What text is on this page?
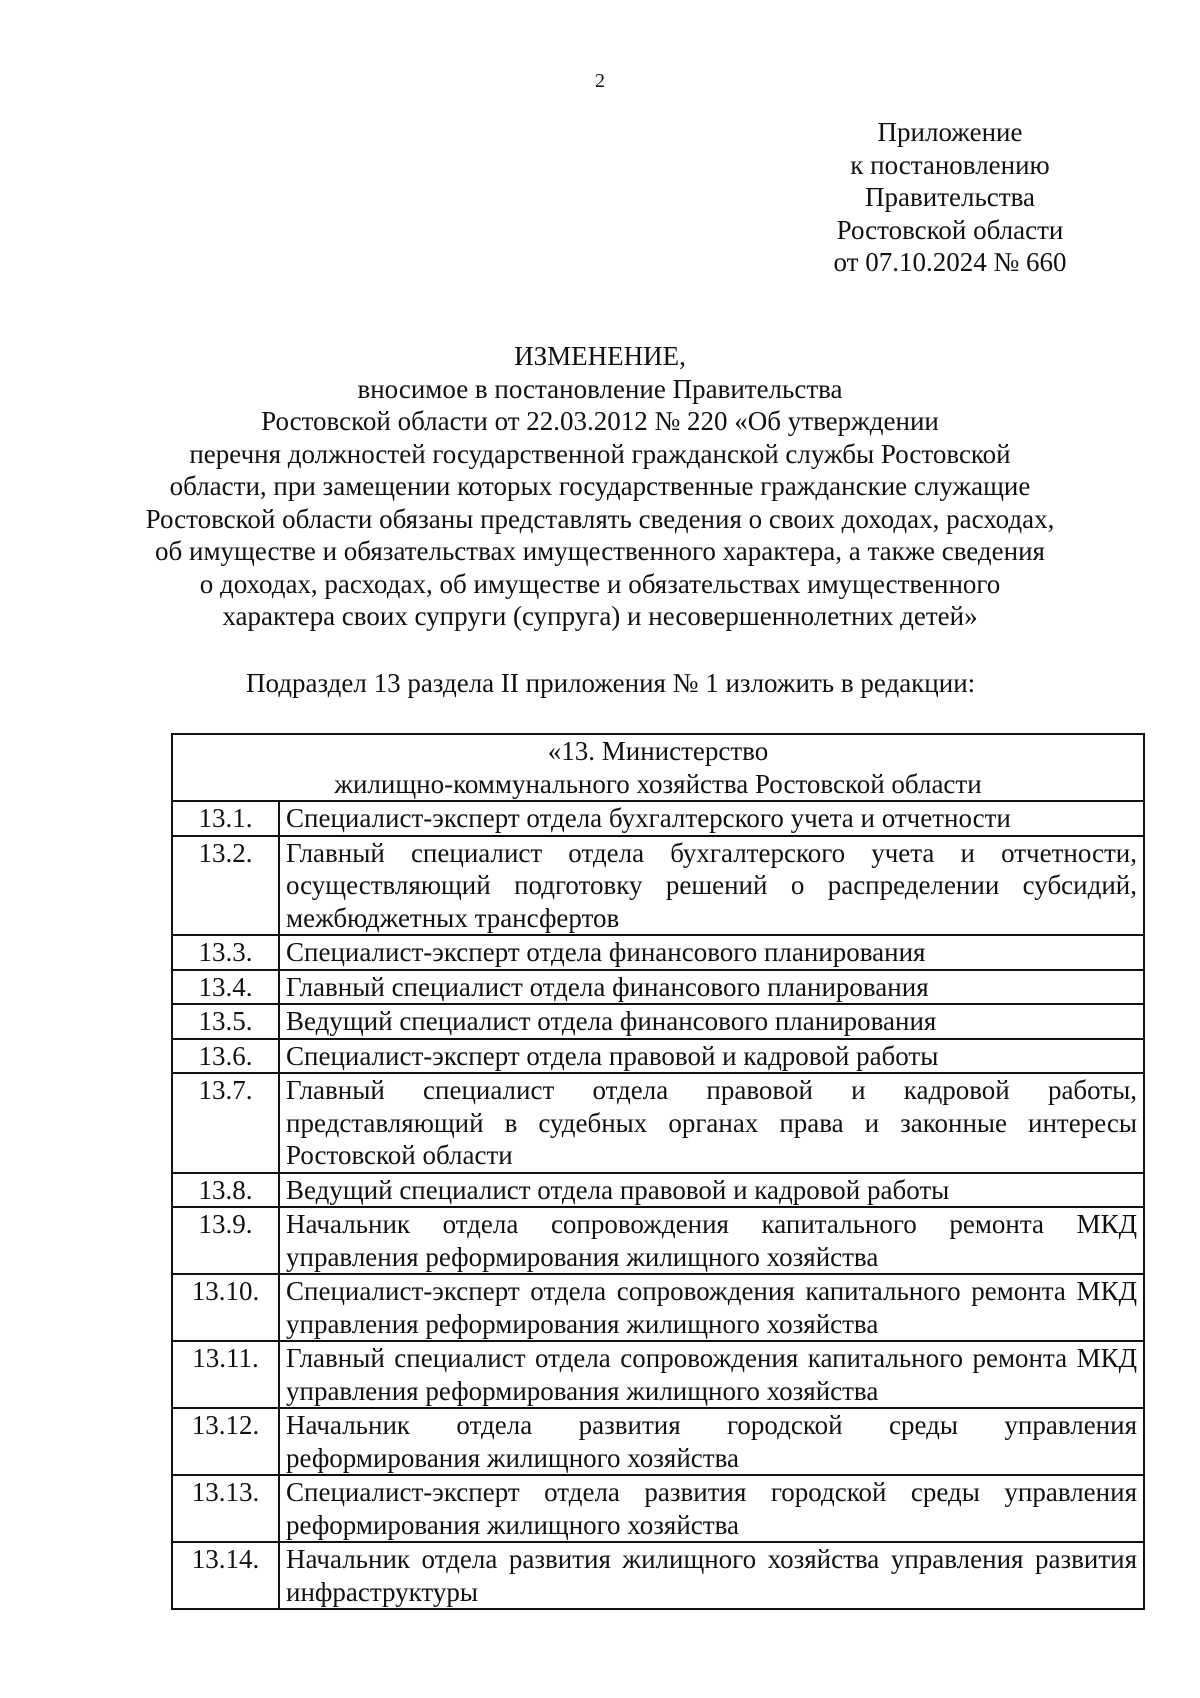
2
Приложение
к постановлению
Правительства
Ростовской области
от 07.10.2024 № 660
ИЗМЕНЕНИЕ,
вносимое в постановление Правительства
Ростовской области от 22.03.2012 № 220 «Об утверждении
перечня должностей государственной гражданской службы Ростовской
области, при замещении которых государственные гражданские служащие
Ростовской области обязаны представлять сведения о своих доходах, расходах,
об имуществе и обязательствах имущественного характера, а также сведения
о доходах, расходах, об имуществе и обязательствах имущественного
характера своих супруги (супруга) и несовершеннолетних детей»
Подраздел 13 раздела II приложения № 1 изложить в редакции:
«13. Министерство
жилищно-коммунального хозяйства Ростовской области	

13.1.	Специалист-эксперт отдела бухгалтерского учета и отчетности
13.2.	Главный специалист отдела бухгалтерского учета и отчетности, осуществляющий подготовку решений о распределении субсидий, межбюджетных трансфертов
13.3.	Специалист-эксперт отдела финансового планирования
13.4.	Главный специалист отдела финансового планирования
13.5.	Ведущий специалист отдела финансового планирования
13.6.	Специалист-эксперт отдела правовой и кадровой работы
13.7.	Главный специалист отдела правовой и кадровой работы, представляющий в судебных органах права и законные интересы Ростовской области
13.8.	Ведущий специалист отдела правовой и кадровой работы
13.9.	Начальник отдела сопровождения капитального ремонта МКД управления реформирования жилищного хозяйства
13.10.	Специалист-эксперт отдела сопровождения капитального ремонта МКД управления реформирования жилищного хозяйства
13.11.	Главный специалист отдела сопровождения капитального ремонта МКД управления реформирования жилищного хозяйства
13.12.	Начальник отдела развития городской среды управления реформирования жилищного хозяйства
13.13.	Специалист-эксперт отдела развития городской среды управления реформирования жилищного хозяйства
13.14.	Начальник отдела развития жилищного хозяйства управления развития инфраструктуры
